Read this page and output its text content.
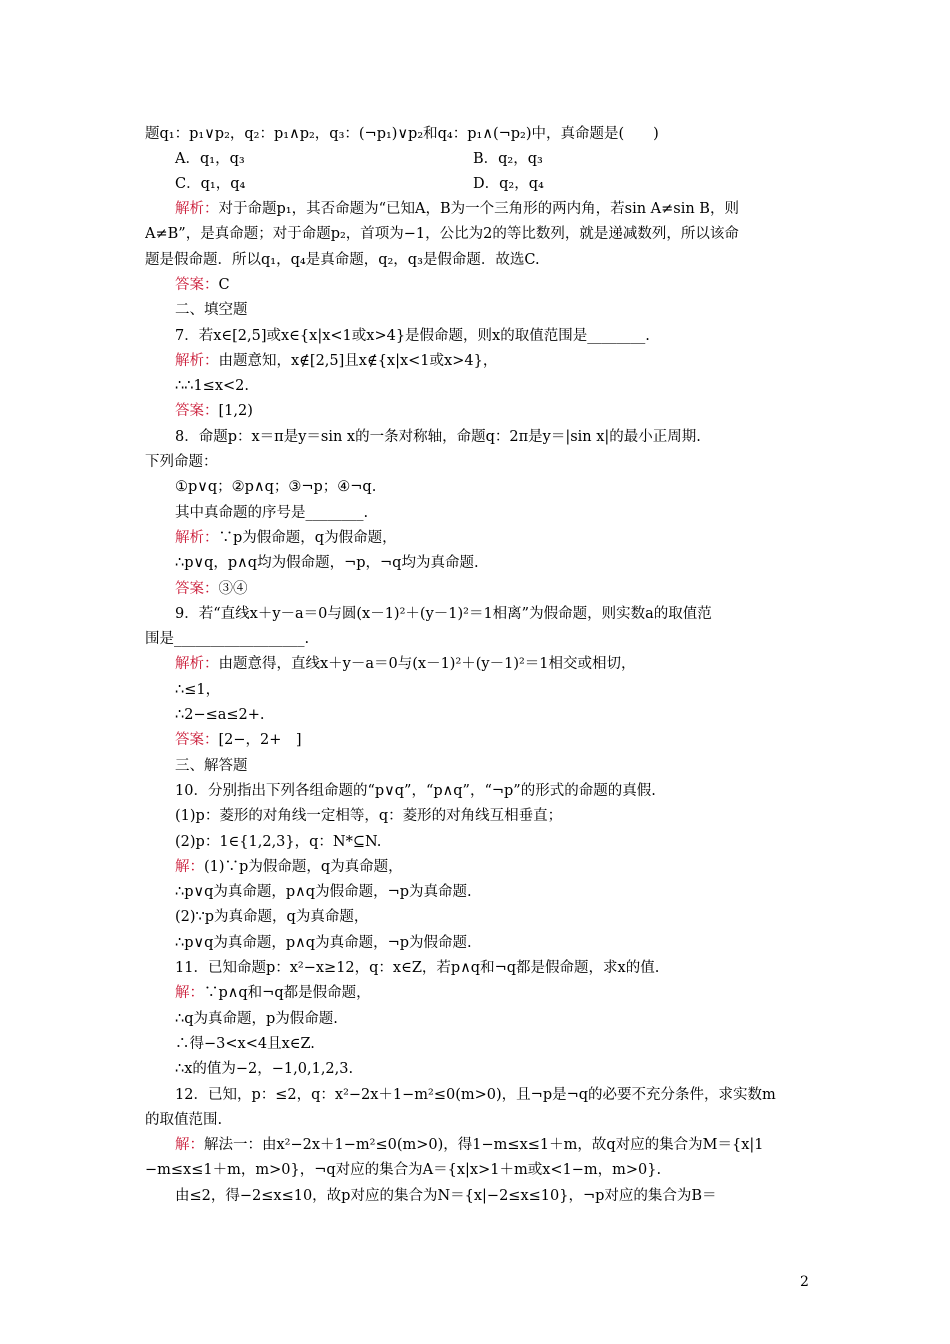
题q₁：p₁∨p₂，q₂：p₁∧p₂，q₃：(¬p₁)∨p₂和q₄：p₁∧(¬p₂)中，真命题是(　　)
A．q₁，q₃	B．q₂，q₃
C．q₁，q₄	D．q₂，q₄
解析：对于命题p₁，其否命题为“已知A，B为一个三角形的两内角，若sin A≠sin B，则
A≠B”，是真命题；对于命题p₂，首项为−1，公比为2的等比数列，就是递减数列，所以该命
题是假命题．所以q₁，q₄是真命题，q₂，q₃是假命题．故选C.
答案：C
二、填空题
7．若x∈[2,5]或x∈{x|x<1或x>4}是假命题，则x的取值范围是________.
解析：由题意知，x∉[2,5]且x∉{x|x<1或x>4}，
∴∴1≤x<2.
答案：[1,2)
8．命题p：x＝π是y＝sin x的一条对称轴，命题q：2π是y＝|sin x|的最小正周期.
下列命题：
①p∨q；②p∧q；③¬p；④¬q.
其中真命题的序号是________.
解析：∵p为假命题，q为假命题，
∴p∨q，p∧q均为假命题，¬p，¬q均为真命题.
答案：③④
9．若“直线x＋y－a＝0与圆(x－1)²＋(y－1)²＝1相离”为假命题，则实数a的取值范
围是__________________.
解析：由题意得，直线x＋y－a＝0与(x－1)²＋(y－1)²＝1相交或相切，
∴≤1，
∴2−≤a≤2+.
答案：[2−，2+　]
三、解答题
10．分别指出下列各组命题的“p∨q”，“p∧q”，“¬p”的形式的命题的真假.
(1)p：菱形的对角线一定相等，q：菱形的对角线互相垂直；
(2)p：1∈{1,2,3}，q：N*⊆N.
解：(1)∵p为假命题，q为真命题，
∴p∨q为真命题，p∧q为假命题，¬p为真命题.
(2)∵p为真命题，q为真命题，
∴p∨q为真命题，p∧q为真命题，¬p为假命题.
11．已知命题p：x²−x≥12，q：x∈Z，若p∧q和¬q都是假命题，求x的值.
解：∵p∧q和¬q都是假命题，
∴q为真命题，p为假命题.
∴得−3<x<4且x∈Z.
∴x的值为−2，−1,0,1,2,3.
12．已知，p：≤2，q：x²−2x＋1−m²≤0(m>0)，且¬p是¬q的必要不充分条件，求实数m
的取值范围.
解：解法一：由x²−2x＋1−m²≤0(m>0)，得1−m≤x≤1＋m，故q对应的集合为M＝{x|1
−m≤x≤1＋m，m>0}，¬q对应的集合为A＝{x|x>1＋m或x<1−m，m>0}.
由≤2，得−2≤x≤10，故p对应的集合为N＝{x|−2≤x≤10}，¬p对应的集合为B＝
2
